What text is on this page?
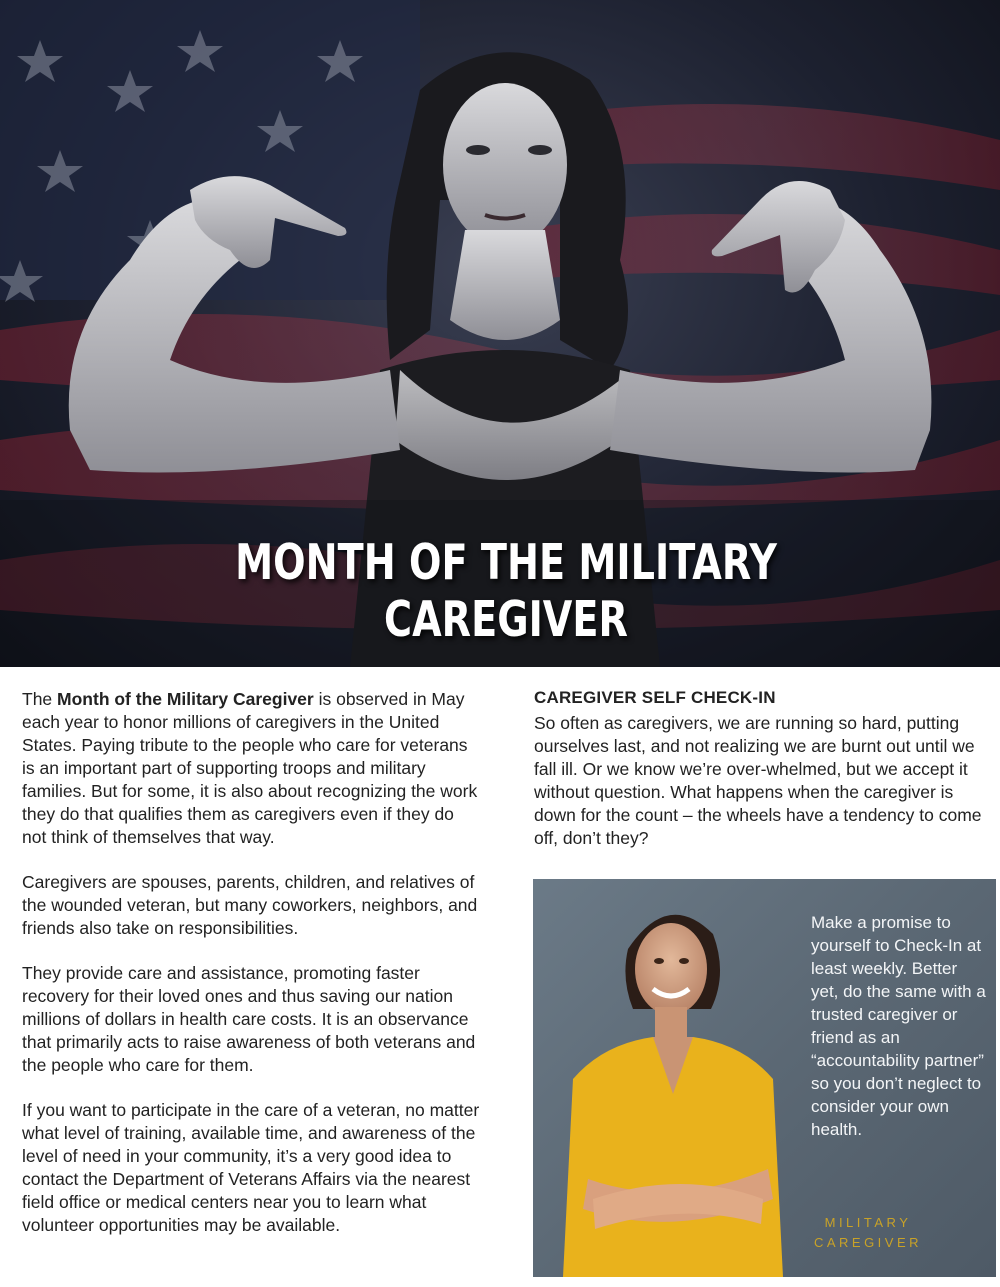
MONTH OF THE MILITARY CAREGIVER

The Month of the Military Caregiver is observed in May each year to honor millions of caregivers in the United States. Paying tribute to the people who care for veterans is an important part of supporting troops and military families. But for some, it is also about recognizing the work they do that qualifies them as caregivers even if they do not think of themselves that way.

Caregivers are spouses, parents, children, and relatives of the wounded veteran, but many coworkers, neighbors, and friends also take on responsibilities.

They provide care and assistance, promoting faster recovery for their loved ones and thus saving our nation millions of dollars in health care costs. It is an observance that primarily acts to raise awareness of both veterans and the people who care for them.

If you want to participate in the care of a veteran, no matter what level of training, available time, and awareness of the level of need in your community, it’s a very good idea to contact the Department of Veterans Affairs via the nearest field office or medical centers near you to learn what volunteer opportunities may be available.

CAREGIVER SELF CHECK-IN

So often as caregivers, we are running so hard, putting ourselves last, and not realizing we are burnt out until we fall ill. Or we know we’re over-whelmed, but we accept it without question. What happens when the caregiver is down for the count – the wheels have a tendency to come off, don’t they?

Make a promise to yourself to Check-In at least weekly. Better yet, do the same with a trusted caregiver or friend as an “accountability partner” so you don’t neglect to consider your own health.
MILITARY
CAREGIVER
